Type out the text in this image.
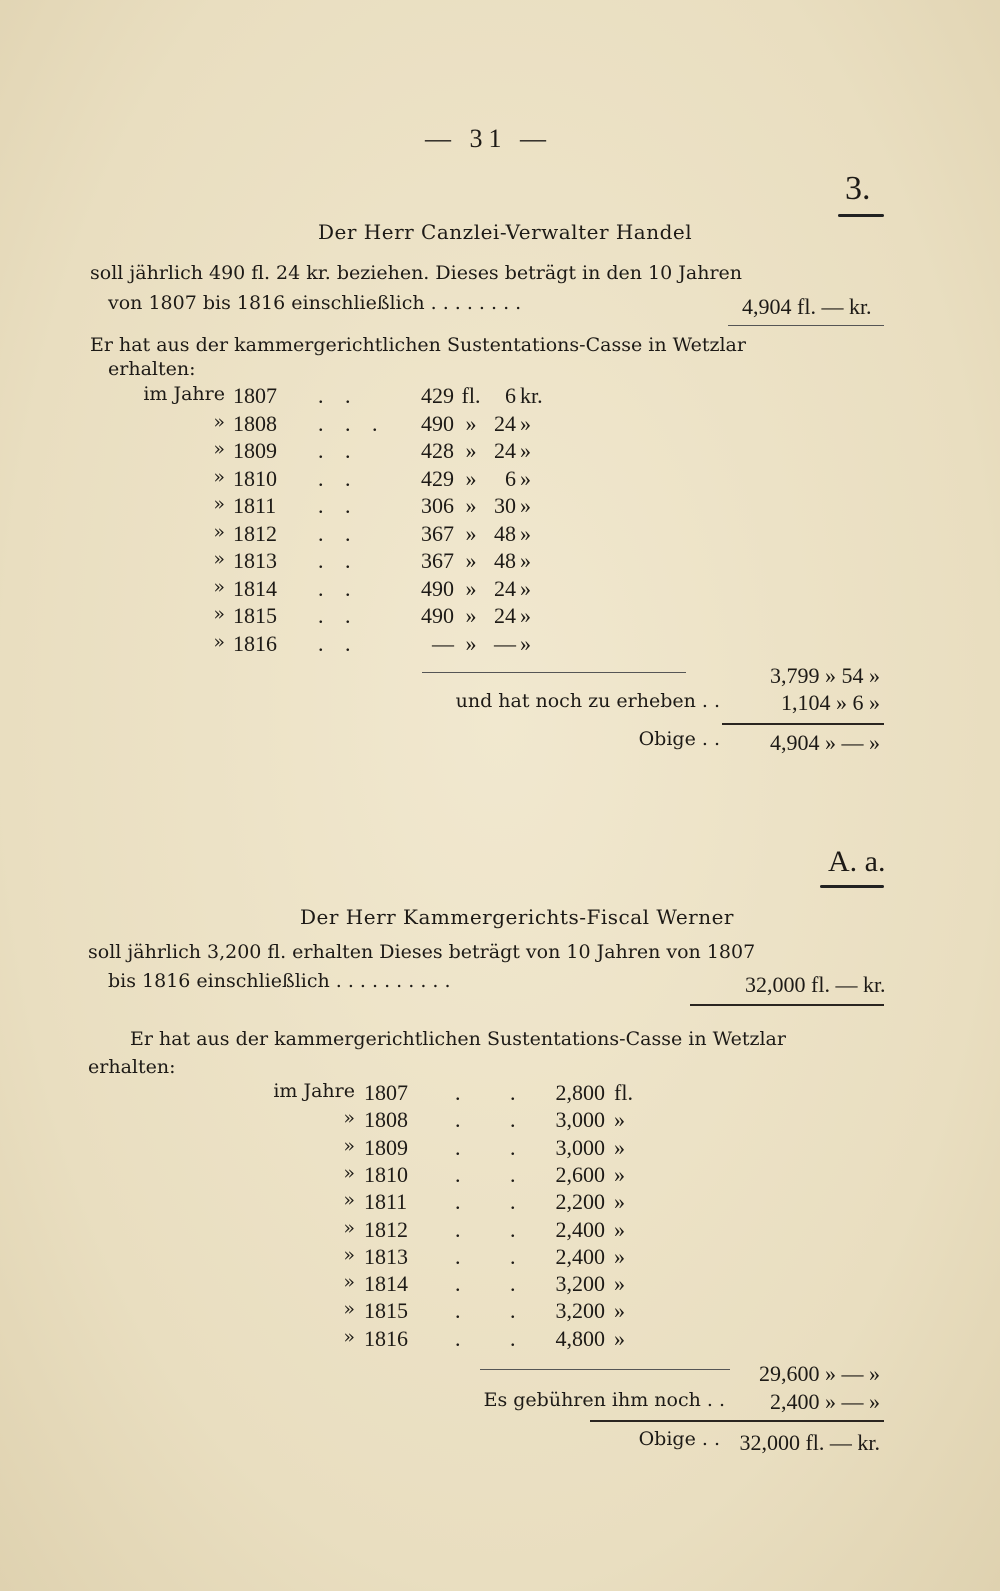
— 31 —
3.
Der Herr Canzlei-Verwalter Handel
soll jährlich 490 fl. 24 kr. beziehen. Dieses beträgt in den 10 Jahren
von 1807 bis 1816 einschließlich . . . . . . . .	4,904 fl. — kr.
Er hat aus der kammergerichtlichen Sustentations-Casse in Wetzlar
erhalten:
im Jahre 1807 . .	429 fl.	6 kr.
» 1808 . . .	490 » 24 »
» 1809 . .	428 » 24 »
» 1810 . .	429 »	6 »
» 1811 . .	306 » 30 »
» 1812 . .	367 » 48 »
» 1813 . .	367 » 48 »
» 1814 . .	490 » 24 »
» 1815 . .	490 » 24 »
» 1816 . .	— » — »
3,799 » 54 »
und hat noch zu erheben . .	1,104 » 6 »
Obige . .	4,904 » — »
A. a.
Der Herr Kammergerichts-Fiscal Werner
soll jährlich 3,200 fl. erhalten Dieses beträgt von 10 Jahren von 1807
bis 1816 einschließlich . . . . . . . . . .	32,000 fl. — kr.
Er hat aus der kammergerichtlichen Sustentations-Casse in Wetzlar
erhalten:
im Jahre 1807 . . 2,800 fl.
» 1808 . . 3,000 »
» 1809 . . 3,000 »
» 1810 . . 2,600 »
» 1811 . . 2,200 »
» 1812 . . 2,400 »
» 1813 . . 2,400 »
» 1814 . . 3,200 »
» 1815 . . 3,200 »
» 1816 . . 4,800 »
29,600 » — »
Es gebühren ihm noch . .	2,400 » — »
Obige . . 32,000 fl. — kr.
